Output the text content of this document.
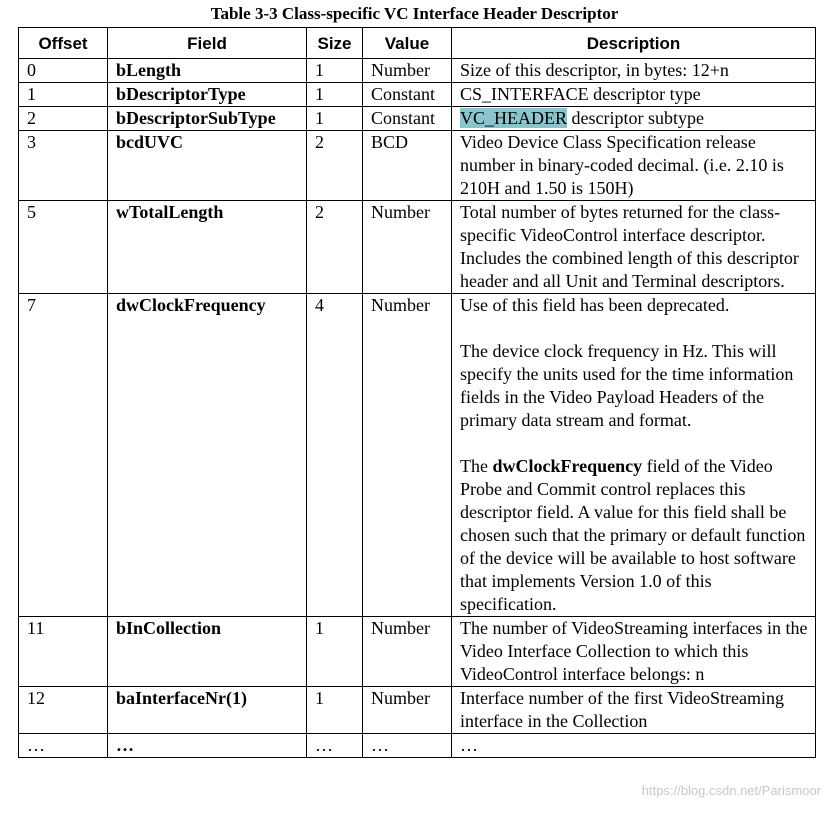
Table 3-3 Class-specific VC Interface Header Descriptor
Offset	Field	Size	Value	Description
0	bLength	1	Number	Size of this descriptor, in bytes: 12+n
1	bDescriptorType	1	Constant	CS_INTERFACE descriptor type
2	bDescriptorSubType	1	Constant	VC_HEADER descriptor subtype
3	bcdUVC	2	BCD	Video Device Class Specification release number in binary-coded decimal. (i.e. 2.10 is 210H and 1.50 is 150H)
5	wTotalLength	2	Number	Total number of bytes returned for the class-specific VideoControl interface descriptor. Includes the combined length of this descriptor header and all Unit and Terminal descriptors.
7	dwClockFrequency	4	Number	Use of this field has been deprecated.
The device clock frequency in Hz. This will specify the units used for the time information fields in the Video Payload Headers of the primary data stream and format.
The dwClockFrequency field of the Video Probe and Commit control replaces this descriptor field. A value for this field shall be chosen such that the primary or default function of the device will be available to host software that implements Version 1.0 of this specification.

11	bInCollection	1	Number	The number of VideoStreaming interfaces in the Video Interface Collection to which this VideoControl interface belongs: n
12	baInterfaceNr(1)	1	Number	Interface number of the first VideoStreaming interface in the Collection
…	…	…	…	…
https://blog.csdn.net/Parismoor
